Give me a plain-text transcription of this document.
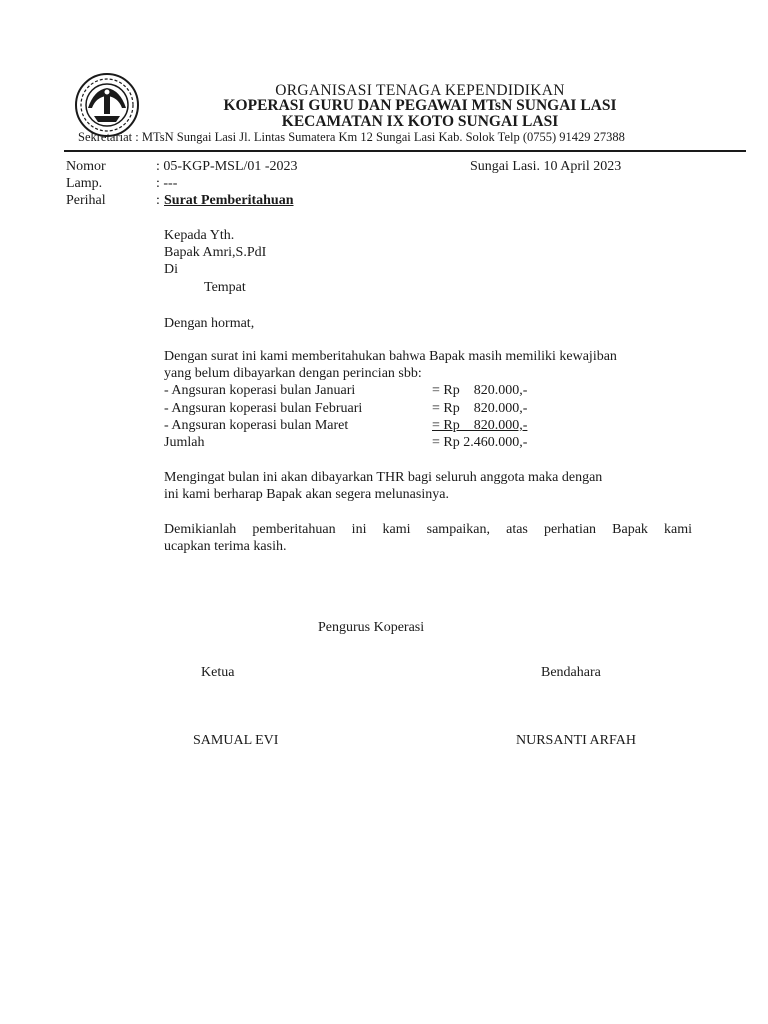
ORGANISASI TENAGA KEPENDIDIKAN
KOPERASI GURU DAN PEGAWAI MTsN SUNGAI LASI
KECAMATAN IX KOTO SUNGAI LASI
Sekretariat : MTsN Sungai Lasi Jl. Lintas Sumatera Km 12 Sungai Lasi Kab. Solok Telp (0755) 91429 27388
Nomor	: 05-KGP-MSL/01 -2023	Sungai Lasi. 10 April 2023
Lamp.	: ---
Perihal	: Surat Pemberitahuan
Kepada Yth.
Bapak Amri,S.PdI
Di
Tempat
Dengan hormat,
Dengan surat ini kami memberitahukan bahwa Bapak masih memiliki kewajiban
yang belum dibayarkan dengan perincian sbb:
- Angsuran koperasi bulan Januari	= Rp    820.000,-
- Angsuran koperasi bulan Februari	= Rp    820.000,-
- Angsuran koperasi bulan Maret	= Rp    820.000,-
Jumlah	= Rp 2.460.000,-
Mengingat bulan ini akan dibayarkan THR bagi seluruh anggota maka dengan
ini kami berharap Bapak akan segera melunasinya.
Demikianlah pemberitahuan ini kami sampaikan, atas perhatian Bapak kami
ucapkan terima kasih.
Pengurus Koperasi
Ketua	Bendahara
SAMUAL EVI	NURSANTI ARFAH
